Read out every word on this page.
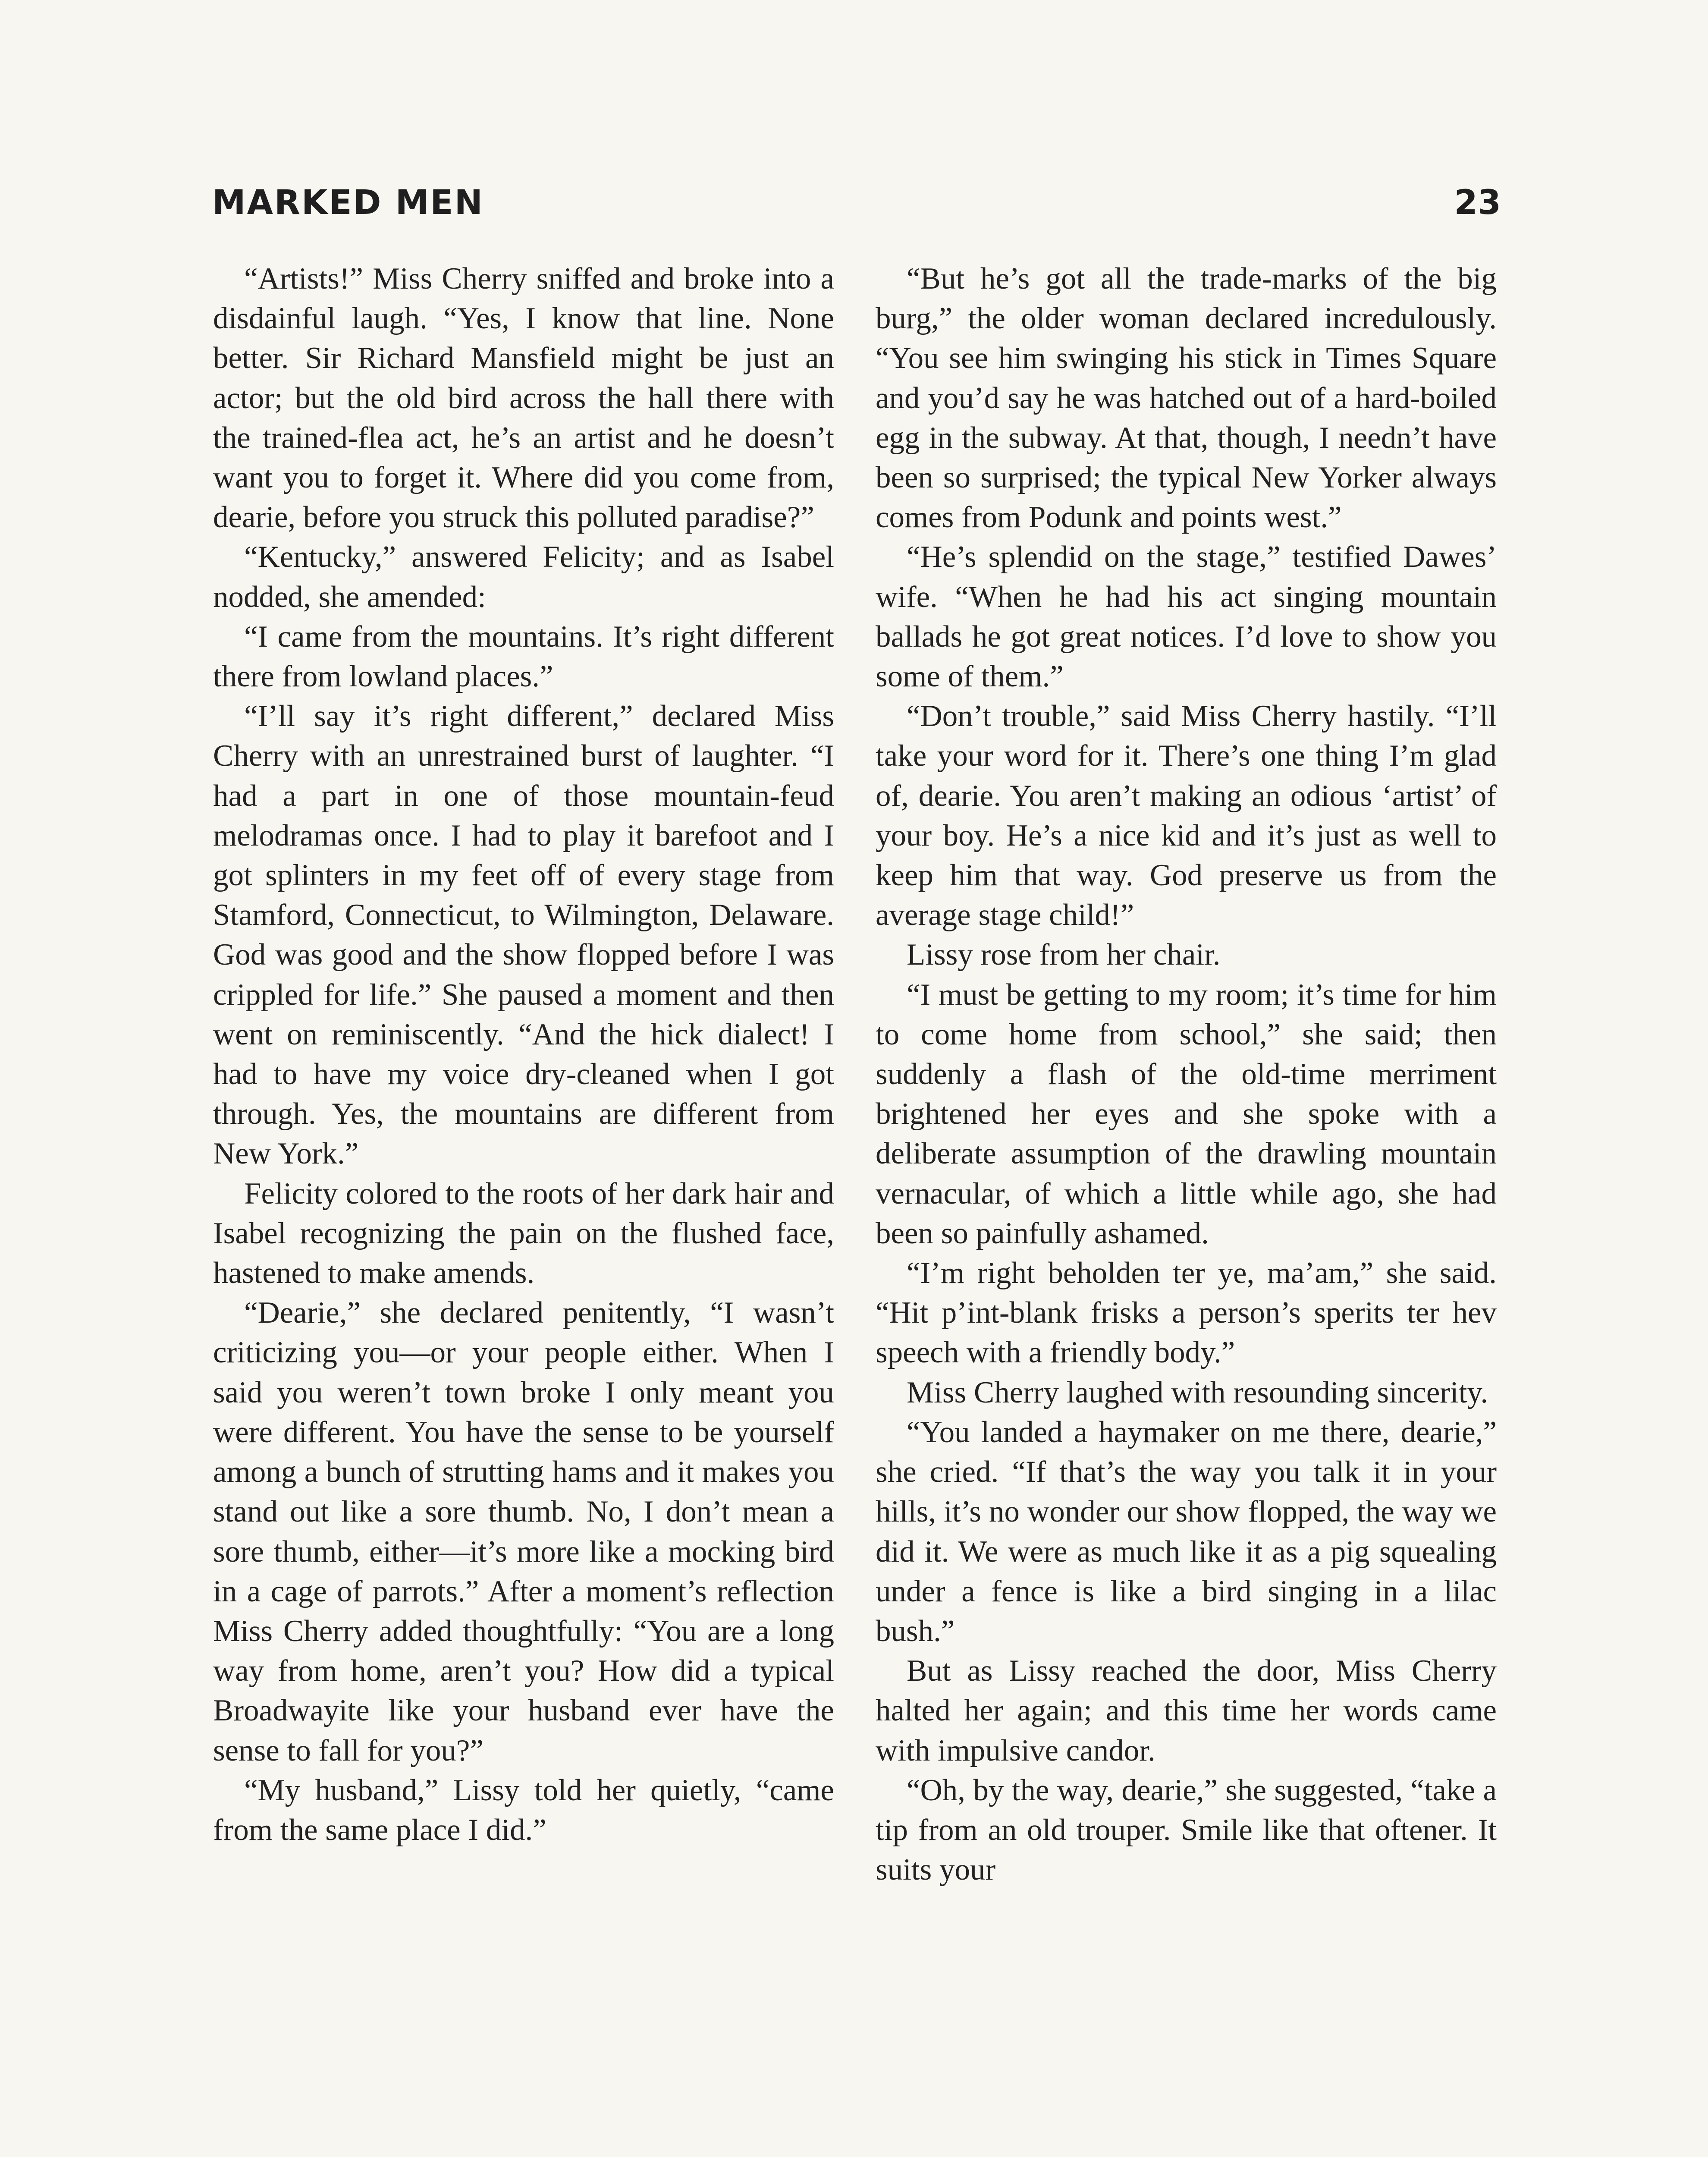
MARKED MEN	23

“Artists!” Miss Cherry sniffed and broke into a disdainful laugh. “Yes, I know that line. None better. Sir Richard Mansfield might be just an actor; but the old bird across the hall there with the trained-flea act, he’s an artist and he doesn’t want you to forget it. Where did you come from, dearie, before you struck this polluted paradise?”

“Kentucky,” answered Felicity; and as Isabel nodded, she amended:

“I came from the mountains. It’s right different there from lowland places.”

“I’ll say it’s right different,” declared Miss Cherry with an unrestrained burst of laughter. “I had a part in one of those mountain-feud melodramas once. I had to play it barefoot and I got splinters in my feet off of every stage from Stamford, Connecticut, to Wilmington, Delaware. God was good and the show flopped before I was crippled for life.” She paused a moment and then went on reminiscently. “And the hick dialect! I had to have my voice dry-cleaned when I got through. Yes, the mountains are different from New York.”

Felicity colored to the roots of her dark hair and Isabel recognizing the pain on the flushed face, hastened to make amends.

“Dearie,” she declared penitently, “I wasn’t criticizing you—or your people either. When I said you weren’t town broke I only meant you were different. You have the sense to be yourself among a bunch of strutting hams and it makes you stand out like a sore thumb. No, I don’t mean a sore thumb, either—it’s more like a mocking bird in a cage of parrots.” After a moment’s reflection Miss Cherry added thoughtfully: “You are a long way from home, aren’t you? How did a typical Broadwayite like your husband ever have the sense to fall for you?”

“My husband,” Lissy told her quietly, “came from the same place I did.”

“But he’s got all the trade-marks of the big burg,” the older woman declared incredulously. “You see him swinging his stick in Times Square and you’d say he was hatched out of a hard-boiled egg in the subway. At that, though, I needn’t have been so surprised; the typical New Yorker always comes from Podunk and points west.”

“He’s splendid on the stage,” testified Dawes’ wife. “When he had his act singing mountain ballads he got great notices. I’d love to show you some of them.”

“Don’t trouble,” said Miss Cherry hastily. “I’ll take your word for it. There’s one thing I’m glad of, dearie. You aren’t making an odious ‘artist’ of your boy. He’s a nice kid and it’s just as well to keep him that way. God preserve us from the average stage child!”

Lissy rose from her chair.

“I must be getting to my room; it’s time for him to come home from school,” she said; then suddenly a flash of the old-time merriment brightened her eyes and she spoke with a deliberate assumption of the drawling mountain vernacular, of which a little while ago, she had been so painfully ashamed.

“I’m right beholden ter ye, ma’am,” she said. “Hit p’int-blank frisks a person’s sperits ter hev speech with a friendly body.”

Miss Cherry laughed with resounding sincerity.

“You landed a haymaker on me there, dearie,” she cried. “If that’s the way you talk it in your hills, it’s no wonder our show flopped, the way we did it. We were as much like it as a pig squealing under a fence is like a bird singing in a lilac bush.”

But as Lissy reached the door, Miss Cherry halted her again; and this time her words came with impulsive candor.

“Oh, by the way, dearie,” she suggested, “take a tip from an old trouper. Smile like that oftener. It suits your
